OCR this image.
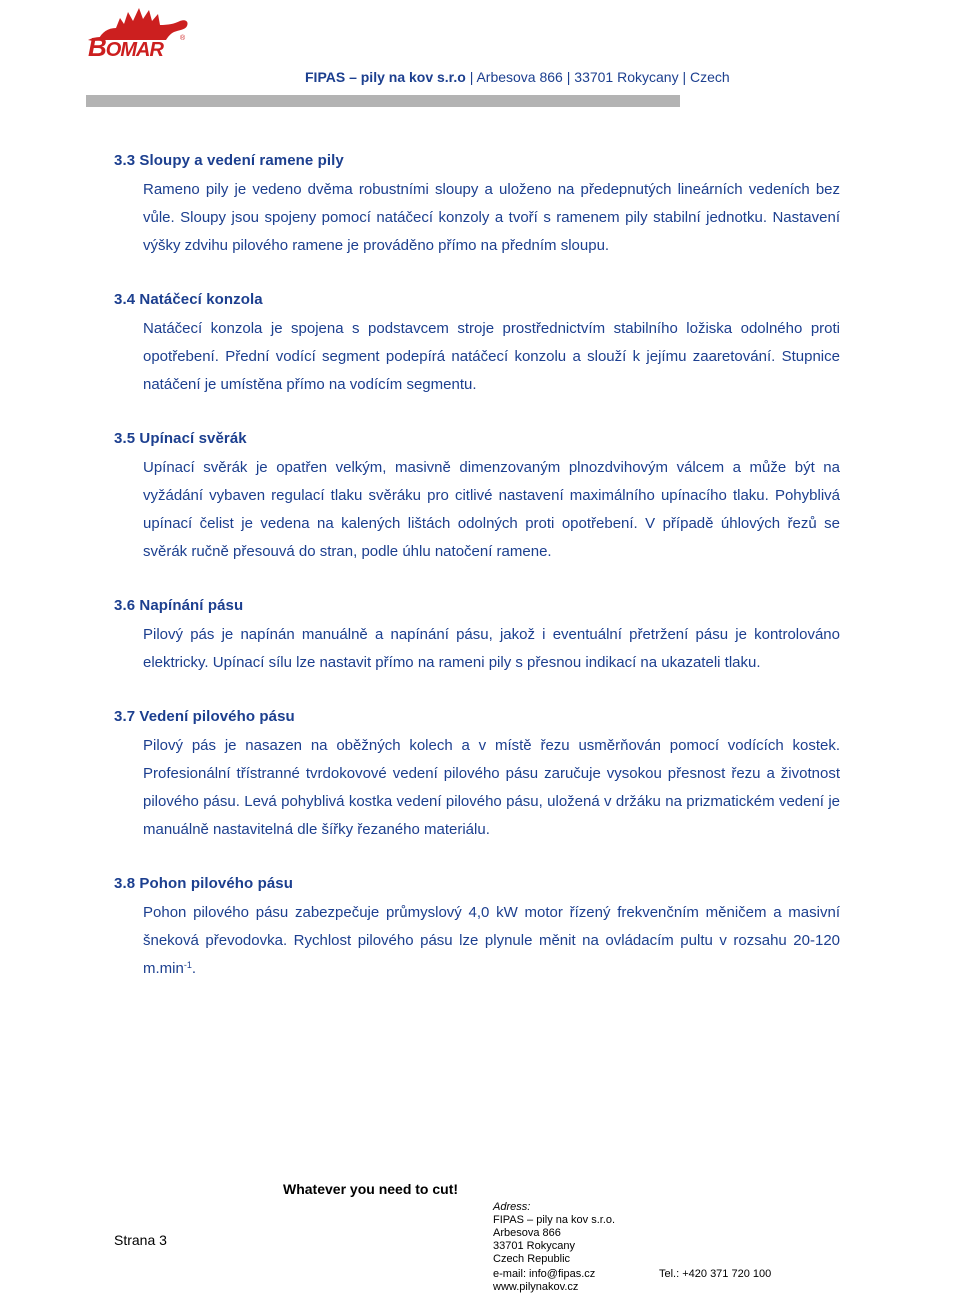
BOMAR
®
FIPAS – pily na kov s.r.o | Arbesova 866 | 33701 Rokycany | Czech
3.3 Sloupy a vedení ramene pily

Rameno pily je vedeno dvěma robustními sloupy a uloženo na předepnutých lineárních vedeních bez vůle. Sloupy jsou spojeny pomocí natáčecí konzoly a tvoří s ramenem pily stabilní jednotku. Nastavení výšky zdvihu pilového ramene je prováděno přímo na předním sloupu.

3.4 Natáčecí konzola

Natáčecí konzola je spojena s podstavcem stroje prostřednictvím stabilního ložiska odolného proti opotřebení. Přední vodící segment podepírá natáčecí konzolu a slouží k jejímu zaaretování. Stupnice natáčení je umístěna přímo na vodícím segmentu.

3.5 Upínací svěrák

Upínací svěrák je opatřen velkým, masivně dimenzovaným plnozdvihovým válcem a může být na vyžádání vybaven regulací tlaku svěráku pro citlivé nastavení maximálního upínacího tlaku. Pohyblivá upínací čelist je vedena na kalených lištách odolných proti opotřebení. V případě úhlových řezů se svěrák ručně přesouvá do stran, podle úhlu natočení ramene.

3.6 Napínání pásu

Pilový pás je napínán manuálně a napínání pásu, jakož i eventuální přetržení pásu je kontrolováno elektricky. Upínací sílu lze nastavit přímo na rameni pily s přesnou indikací na ukazateli tlaku.

3.7 Vedení pilového pásu

Pilový pás je nasazen na oběžných kolech a v místě řezu usměrňován pomocí vodících kostek. Profesionální třístranné tvrdokovové vedení pilového pásu zaručuje vysokou přesnost řezu a životnost pilového pásu. Levá pohyblivá kostka vedení pilového pásu, uložená v držáku na prizmatickém vedení je manuálně nastavitelná dle šířky řezaného materiálu.

3.8 Pohon pilového pásu

Pohon pilového pásu zabezpečuje průmyslový 4,0 kW motor řízený frekvenčním měničem a masivní šneková převodovka. Rychlost pilového pásu lze plynule měnit na ovládacím pultu v rozsahu 20-120 $m.\min^{-1}$.

Whatever you need to cut!
Strana 3
Adress:
FIPAS – pily na kov s.r.o.
Arbesova 866
33701 Rokycany
Czech Republic
e-mail: info@fipas.cz
www.pilynakov.cz
Tel.: +420 371 720 100
